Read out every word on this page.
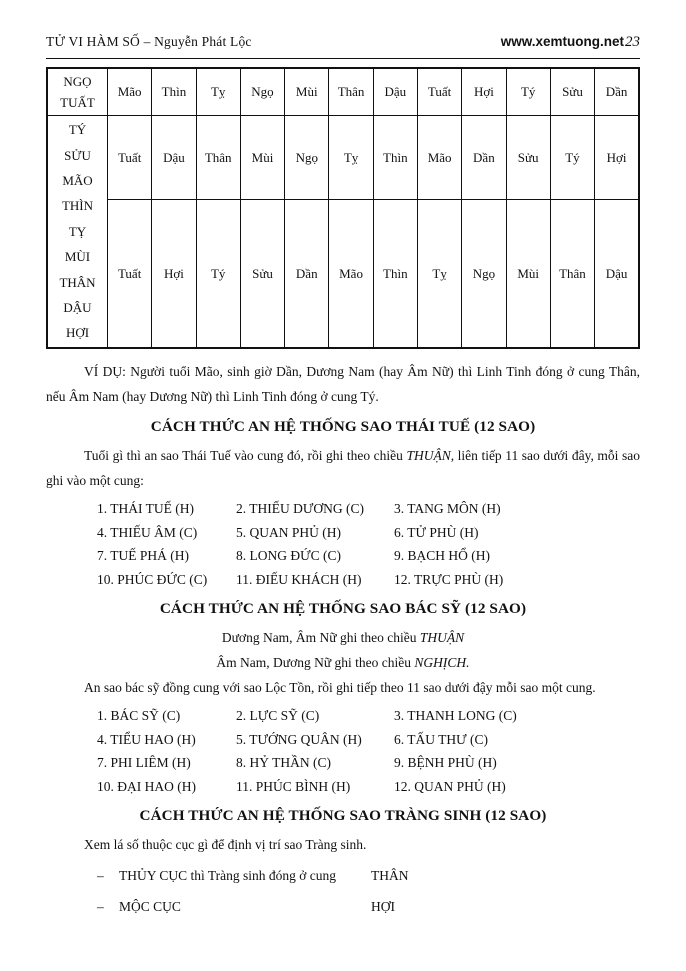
TỬ VI HÀM SỐ – Nguyễn Phát Lộc	www.xemtuong.net 23
NGỌ
TUẤT	Mão	Thìn	Tỵ	Ngọ	Mùi	Thân	Dậu	Tuất	Hợi	Tý	Sửu	Dần

TÝ
SỬU
MÃO
THÌN
TỴ
MÙI
THÂN
DẬU
HỢI
	Tuất	Dậu	Thân	Mùi	Ngọ	Tỵ	Thìn	Mão	Dần	Sửu	Tý	Hợi
	Tuất	Hợi	Tý	Sửu	Dần	Mão	Thìn	Tỵ	Ngọ	Mùi	Thân	Dậu

VÍ DỤ: Người tuổi Mão, sinh giờ Dần, Dương Nam (hay Âm Nữ) thì Linh Tinh đóng ở cung Thân, nếu Âm Nam (hay Dương Nữ) thì Linh Tinh đóng ở cung Tý.

CÁCH THỨC AN HỆ THỐNG SAO THÁI TUẾ (12 SAO)

Tuổi gì thì an sao Thái Tuế vào cung đó, rồi ghi theo chiều THUẬN, liên tiếp 11 sao dưới đây, mỗi sao ghi vào một cung:

1. THÁI TUẾ (H)	2. THIẾU DƯƠNG (C)	3. TANG MÔN (H)
4. THIẾU ÂM (C)	5. QUAN PHỦ (H)	6. TỬ PHÙ (H)
7. TUẾ PHÁ (H)	8. LONG ĐỨC (C)	9. BẠCH HỔ (H)
10. PHÚC ĐỨC (C)	11. ĐIẾU KHÁCH (H)	12. TRỰC PHÙ (H)
CÁCH THỨC AN HỆ THỐNG SAO BÁC SỸ (12 SAO)

Dương Nam, Âm Nữ ghi theo chiều THUẬN

Âm Nam, Dương Nữ ghi theo chiều NGHỊCH.

An sao bác sỹ đồng cung với sao Lộc Tồn, rồi ghi tiếp theo 11 sao dưới đậy mỗi sao một cung.

1. BÁC SỸ (C)	2. LỰC SỸ (C)	3. THANH LONG (C)
4. TIỂU HAO (H)	5. TƯỚNG QUÂN (H)	6. TẤU THƯ (C)
7. PHI LIÊM (H)	8. HỶ THẦN (C)	9. BỆNH PHÙ (H)
10. ĐẠI HAO (H)	11. PHÚC BÌNH (H)	12. QUAN PHỦ (H)
CÁCH THỨC AN HỆ THỐNG SAO TRÀNG SINH (12 SAO)

Xem lá số thuộc cục gì để định vị trí sao Tràng sinh.

–	THỦY CỤC thì Tràng sinh đóng ở cung	THÂN
–	MỘC CỤC	HỢI
